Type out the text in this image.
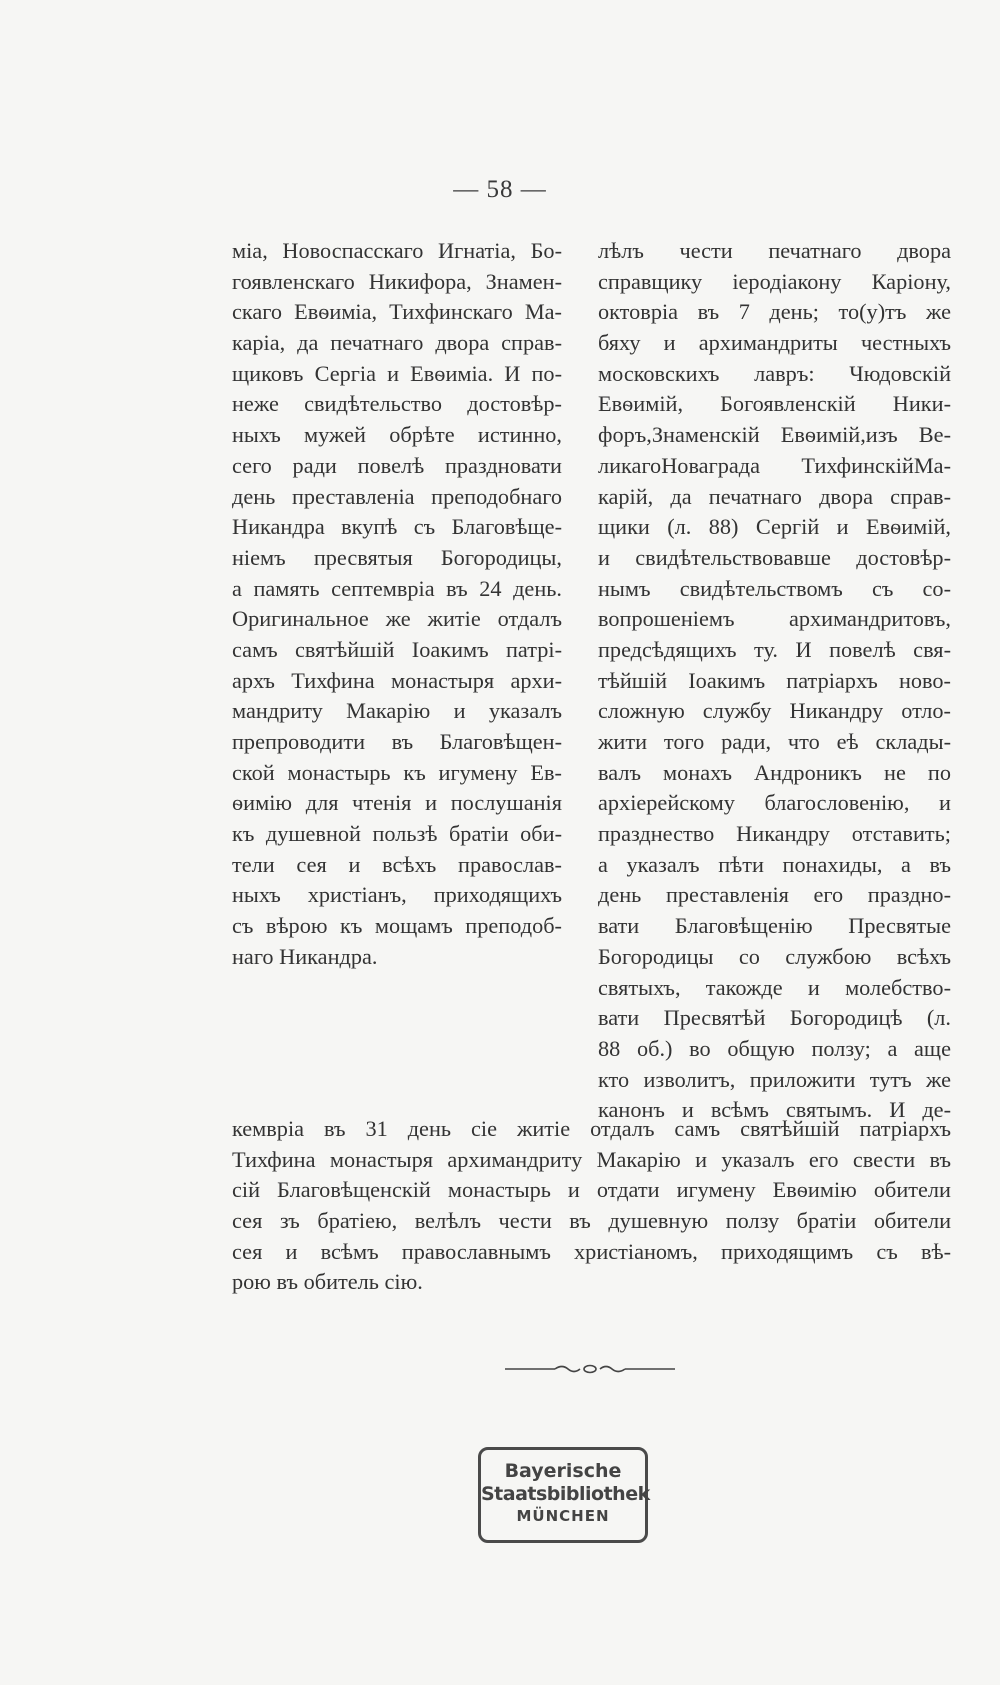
— 58 —
міа, Новоспасскаго Игнатіа, Бо-
гоявленскаго Никифора, Знамен-
скаго Евѳиміа, Тихфинскаго Ма-
каріа, да печатнаго двора справ-
щиковъ Сергіа и Евѳиміа. И по-
неже свидѣтельство достовѣр-
ныхъ мужей обрѣте истинно,
сего ради повелѣ праздновати
день преставленіа преподобнаго
Никандра вкупѣ съ Благовѣще-
ніемъ пресвятыя Богородицы,
а память септемвріа въ 24 день.
Оригинальное же житіе отдалъ
самъ святѣйшій Іоакимъ патрі-
архъ Тихфина монастыря архи-
мандриту Макарію и указалъ
препроводити въ Благовѣщен-
ской монастырь къ игумену Ев-
ѳимію для чтенія и послушанія
къ душевной пользѣ братіи оби-
тели сея и всѣхъ православ-
ныхъ христіанъ, приходящихъ
съ вѣрою къ мощамъ преподоб-
наго Никандра.
лѣлъ чести печатнаго двора
справщику іеродіакону Каріону,
октовріа въ 7 день; то(у)тъ же
бяху и архимандриты честныхъ
московскихъ лавръ: Чюдовскій
Евѳимій, Богоявленскій Ники-
форъ,Знаменскій Евѳимій,изъ Ве-
ликагоНоваграда ТихфинскійМа-
карій, да печатнаго двора справ-
щики (л. 88) Сергій и Евѳимій,
и свидѣтельствовавше достовѣр-
нымъ свидѣтельствомъ съ со-
вопрошеніемъ архимандритовъ,
предсѣдящихъ ту. И повелѣ свя-
тѣйшій Іоакимъ патріархъ ново-
сложную службу Никандру отло-
жити того ради, что еѣ склады-
валъ монахъ Андроникъ не по
архіерейскому благословенію, и
празднество Никандру отставить;
а указалъ пѣти понахиды, а въ
день преставленія его праздно-
вати Благовѣщенію Пресвятые
Богородицы со службою всѣхъ
святыхъ, такожде и молебство-
вати Пресвятѣй Богородицѣ (л.
88 об.) во общую ползу; а аще
кто изволитъ, приложити тутъ же
канонъ и всѣмъ святымъ. И де-
кемвріа въ 31 день сіе житіе отдалъ самъ святѣйшій патріархъ
Тихфина монастыря архимандриту Макарію и указалъ его свести въ
сій Благовѣщенскій монастырь и отдати игумену Евѳимію обители
сея зъ братіею, велѣлъ чести въ душевную ползу братіи обители
сея и всѣмъ православнымъ христіаномъ, приходящимъ съ вѣ-
рою въ обитель сію.
Bayerische
Staatsbibliothek
MÜNCHEN
